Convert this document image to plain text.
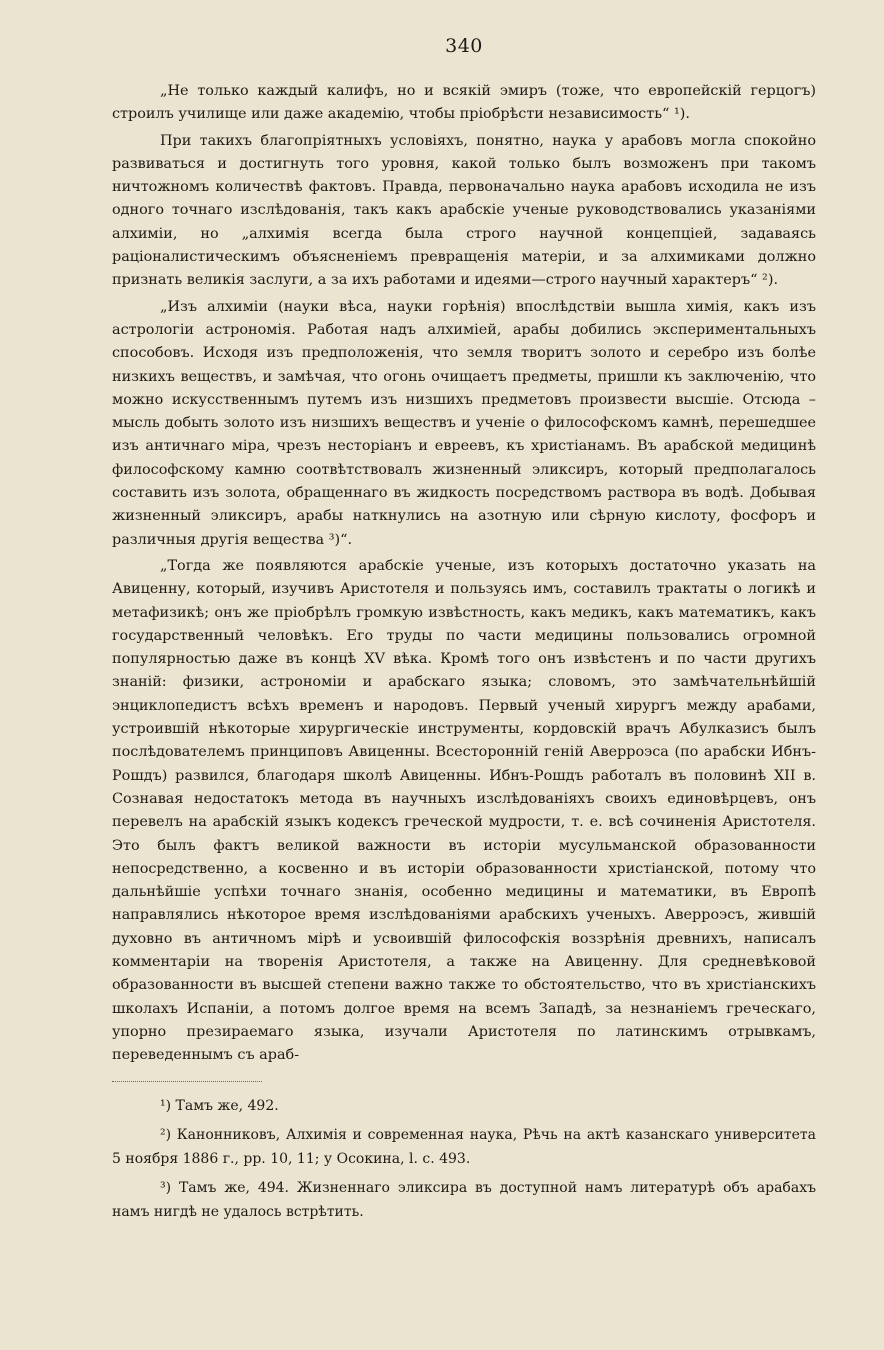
340

„Не только каждый калифъ, но и всякій эмиръ (тоже, что европейскій герцогъ) строилъ училище или даже академію, чтобы пріобрѣсти независимость“ ¹).

При такихъ благопріятныхъ условіяхъ, понятно, наука у арабовъ могла спокойно развиваться и достигнуть того уровня, какой только былъ возможенъ при такомъ ничтожномъ количествѣ фактовъ. Правда, первоначально наука арабовъ исходила не изъ одного точнаго изслѣдованія, такъ какъ арабскіе ученые руководствовались указаніями алхиміи, но „алхимія всегда была строго научной концепціей, задаваясь раціоналистическимъ объясненіемъ превращенія матеріи, и за алхимиками должно признать великія заслуги, а за ихъ работами и идеями—строго научный характеръ“ ²).

„Изъ алхиміи (науки вѣса, науки горѣнія) впослѣдствіи вышла химія, какъ изъ астрологіи астрономія. Работая надъ алхиміей, арабы добились экспериментальныхъ способовъ. Исходя изъ предположенія, что земля творитъ золото и серебро изъ болѣе низкихъ веществъ, и замѣчая, что огонь очищаетъ предметы, пришли къ заключенію, что можно искусственнымъ путемъ изъ низшихъ предметовъ произвести высшіе. Отсюда – мысль добыть золото изъ низшихъ веществъ и ученіе о философскомъ камнѣ, перешедшее изъ античнаго міра, чрезъ несторіанъ и евреевъ, къ христіанамъ. Въ арабской медицинѣ философскому камню соотвѣтствовалъ жизненный эликсиръ, который предполагалось составить изъ золота, обращеннаго въ жидкость посредствомъ раствора въ водѣ. Добывая жизненный эликсиръ, арабы наткнулись на азотную или сѣрную кислоту, фосфоръ и различныя другія вещества ³)“.

„Тогда же появляются арабскіе ученые, изъ которыхъ достаточно указать на Авиценну, который, изучивъ Аристотеля и пользуясь имъ, составилъ трактаты о логикѣ и метафизикѣ; онъ же пріобрѣлъ громкую извѣстность, какъ медикъ, какъ математикъ, какъ государственный человѣкъ. Его труды по части медицины пользовались огромной популярностью даже въ концѣ XV вѣка. Кромѣ того онъ извѣстенъ и по части другихъ знаній: физики, астрономіи и арабскаго языка; словомъ, это замѣчательнѣйшій энциклопедистъ всѣхъ временъ и народовъ. Первый ученый хирургъ между арабами, устроившій нѣкоторые хирургическіе инструменты, кордовскій врачъ Абулказисъ былъ послѣдователемъ принциповъ Авиценны. Всестороннiй геній Аверроэса (по арабски Ибнъ-Рошдъ) развился, благодаря школѣ Авиценны. Ибнъ-Рошдъ работалъ въ половинѣ XII в. Сознавая недостатокъ метода въ научныхъ изслѣдованіяхъ своихъ единовѣрцевъ, онъ перевелъ на арабскій языкъ кодексъ греческой мудрости, т. е. всѣ сочиненія Аристотеля. Это былъ фактъ великой важности въ исторіи мусульманской образованности непосредственно, а косвенно и въ исторіи образованности христіанской, потому что дальнѣйшіе успѣхи точнаго знанія, особенно медицины и математики, въ Европѣ направлялись нѣкоторое время изслѣдованіями арабскихъ ученыхъ. Аверроэсъ, жившій духовно въ античномъ мірѣ и усвоившій философскія воззрѣнія древнихъ, написалъ комментаріи на творенія Аристотеля, а также на Авиценну. Для средневѣковой образованности въ высшей степени важно также то обстоятельство, что въ христіанскихъ школахъ Испаніи, а потомъ долгое время на всемъ Западѣ, за незнаніемъ греческаго, упорно презираемаго языка, изучали Аристотеля по латинскимъ отрывкамъ, переведеннымъ съ араб-

¹) Тамъ же, 492.

²) Канонниковъ, Алхимія и современная наука, Рѣчь на актѣ казанскаго университета 5 ноября 1886 г., pp. 10, 11; у Осокина, l. с. 493.

³) Тамъ же, 494. Жизненнаго эликсира въ доступной намъ литературѣ объ арабахъ намъ нигдѣ не удалось встрѣтить.
